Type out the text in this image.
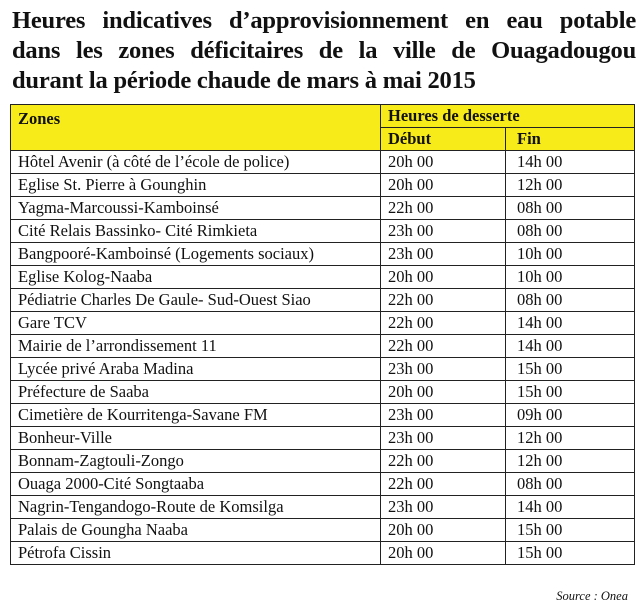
Heures indicatives d’approvisionnement en eau potable
dans les zones déficitaires de la ville de Ouagadougou
durant la période chaude de mars à mai 2015
Zones	Heures de desserte	
	Début	Fin
Hôtel Avenir (à côté de l’école de police)	20h 00	14h 00
Eglise St. Pierre à Gounghin	20h 00	12h 00
Yagma-Marcoussi-Kamboinsé	22h 00	08h 00
Cité Relais Bassinko- Cité Rimkieta	23h 00	08h 00
Bangpooré-Kamboinsé (Logements sociaux)	23h 00	10h 00
Eglise Kolog-Naaba	20h 00	10h 00
Pédiatrie Charles De Gaule- Sud-Ouest Siao	22h 00	08h 00
Gare TCV	22h 00	14h 00
Mairie de l’arrondissement 11	22h 00	14h 00
Lycée privé Araba Madina	23h 00	15h 00
Préfecture de Saaba	20h 00	15h 00
Cimetière de Kourritenga-Savane FM	23h 00	09h 00
Bonheur-Ville	23h 00	12h 00
Bonnam-Zagtouli-Zongo	22h 00	12h 00
Ouaga 2000-Cité Songtaaba	22h 00	08h 00
Nagrin-Tengandogo-Route de Komsilga	23h 00	14h 00
Palais de Goungha Naaba	20h 00	15h 00
Pétrofa Cissin	20h 00	15h 00
Source : Onea
